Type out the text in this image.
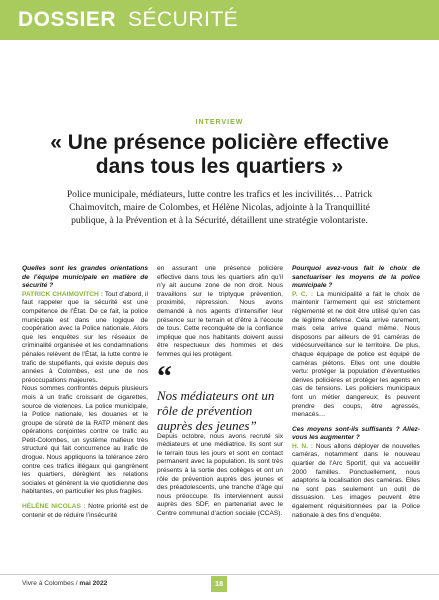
DOSSIER SÉCURITÉ
INTERVIEW
« Une présence policière effective dans tous les quartiers »
Police municipale, médiateurs, lutte contre les trafics et les incivilités… Patrick Chaimovitch, maire de Colombes, et Hélène Nicolas, adjointe à la Tranquillité publique, à la Prévention et à la Sécurité, détaillent une stratégie volontariste.

Quelles sont les grandes orientations de l’équipe municipale en matière de sécurité ?

PATRICK CHAIMOVITCH : Tout d’abord, il faut rappeler que la sécurité est une compétence de l’État. De ce fait, la police municipale est dans une logique de coopération avec la Police nationale. Alors que les enquêtes sur les réseaux de criminalité organisée et les condamnations pénales relèvent de l’État, la lutte contre le trafic de stupéfiants, qui existe depuis des années à Colombes, est une de nos préoccupations majeures.

Nous sommes confrontés depuis plusieurs mois à un trafic croissant de cigarettes, source de violences. La police municipale, la Police nationale, les douanes et le groupe de sûreté de la RATP mènent des opérations conjointes contre ce trafic au Petit-Colombes, un système mafieux très structuré qui fait concurrence au trafic de drogue. Nous appliquons la tolérance zéro contre ces trafics illégaux qui gangrènent les quartiers, dérèglent les relations sociales et génèrent la vie quotidienne des habitantes, en particulier les plus fragiles.

HÉLÈNE NICOLAS : Notre priorité est de contenir et de réduire l’insécurité

en assurant une présence policière effective dans tous les quartiers afin qu’il n’y ait aucune zone de non droit. Nous travaillons sur le triptyque prévention, proximité, répression. Nous avons demandé à nos agents d’intensifier leur présence sur le terrain et d’être à l’écoute de tous. Cette reconquête de la confiance implique que nos habitants doivent aussi être respectueux des hommes et des femmes qui les protègent.

“

Nos médiateurs ont un rôle de prévention auprès des jeunes”

Depuis octobre, nous avons recruté six médiateurs et une médiatrice. Ils sont sur le terrain tous les jours et sont en contact permanent avec la population. Ils sont très présents à la sortie des collèges et ont un rôle de prévention auprès des jeunes et des préadolescents, une tranche d’âge qui nous préoccupe. Ils interviennent aussi auprès des SDF, en partenariat avec le Centre communal d’action sociale (CCAS).

Pourquoi avez-vous fait le choix de sanctuariser les moyens de la police municipale ?

P. C. : La municipalité a fait le choix de maintenir l’armement qui est strictement réglementé et ne doit être utilisé qu’en cas de légitime défense. Cela arrive rarement, mais cela arrive quand même. Nous disposons par ailleurs de 91 caméras de vidéosurveillance sur le territoire. De plus, chaque équipage de police est équipé de caméras piétons. Elles ont une double vertu: protéger la population d’éventuelles dérives policières et protéger les agents en cas de tensions. Les policiers municipaux font un métier dangereux; ils peuvent prendre des coups, être agressés, menacés…

Ces moyens sont-ils suffisants ? Allez-vous les augmenter ?

H. N. : Nous allons déployer de nouvelles caméras, notamment dans le nouveau quartier de l’Arc Sportif, qui va accueillir 2000 familles. Ponctuellement, nous adaptons la localisation des caméras. Elles ne sont pas seulement un outil de dissuasion. Les images peuvent être également réquisitionnées par la Police nationale à des fins d’enquête.

Vivre à Colombes / mai 2022	18
